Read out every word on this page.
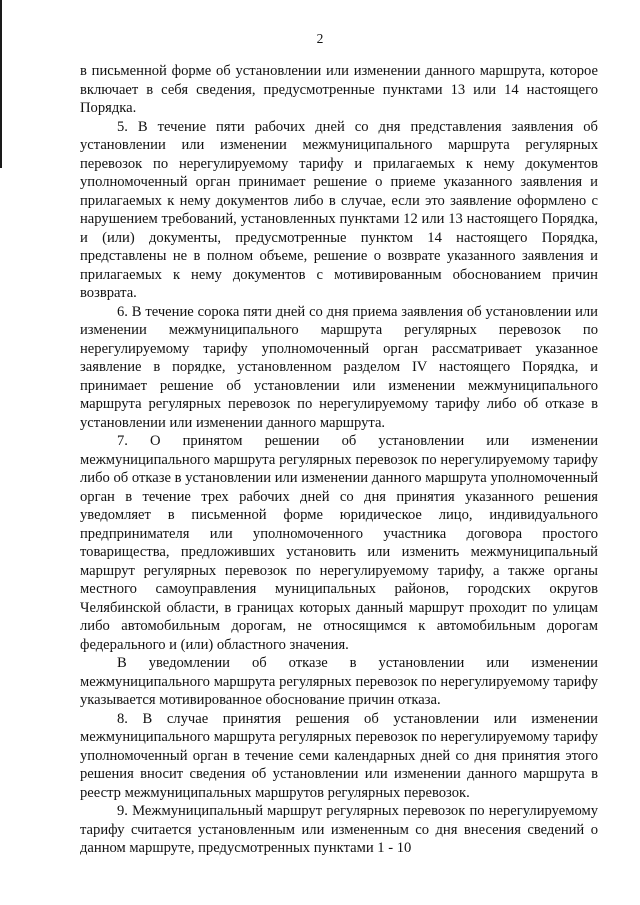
2

в письменной форме об установлении или изменении данного маршрута, которое включает в себя сведения, предусмотренные пунктами 13 или 14 настоящего Порядка.

5. В течение пяти рабочих дней со дня представления заявления об установлении или изменении межмуниципального маршрута регулярных перевозок по нерегулируемому тарифу и прилагаемых к нему документов уполномоченный орган принимает решение о приеме указанного заявления и прилагаемых к нему документов либо в случае, если это заявление оформлено с нарушением требований, установленных пунктами 12 или 13 настоящего Порядка, и (или) документы, предусмотренные пунктом 14 настоящего Порядка, представлены не в полном объеме, решение о возврате указанного заявления и прилагаемых к нему документов с мотивированным обоснованием причин возврата.

6. В течение сорока пяти дней со дня приема заявления об установлении или изменении межмуниципального маршрута регулярных перевозок по нерегулируемому тарифу уполномоченный орган рассматривает указанное заявление в порядке, установленном разделом IV настоящего Порядка, и принимает решение об установлении или изменении межмуниципального маршрута регулярных перевозок по нерегулируемому тарифу либо об отказе в установлении или изменении данного маршрута.

7. О принятом решении об установлении или изменении межмуниципального маршрута регулярных перевозок по нерегулируемому тарифу либо об отказе в установлении или изменении данного маршрута уполномоченный орган в течение трех рабочих дней со дня принятия указанного решения уведомляет в письменной форме юридическое лицо, индивидуального предпринимателя или уполномоченного участника договора простого товарищества, предложивших установить или изменить межмуниципальный маршрут регулярных перевозок по нерегулируемому тарифу, а также органы местного самоуправления муниципальных районов, городских округов Челябинской области, в границах которых данный маршрут проходит по улицам либо автомобильным дорогам, не относящимся к автомобильным дорогам федерального и (или) областного значения.

В уведомлении об отказе в установлении или изменении межмуниципального маршрута регулярных перевозок по нерегулируемому тарифу указывается мотивированное обоснование причин отказа.

8. В случае принятия решения об установлении или изменении межмуниципального маршрута регулярных перевозок по нерегулируемому тарифу уполномоченный орган в течение семи календарных дней со дня принятия этого решения вносит сведения об установлении или изменении данного маршрута в реестр межмуниципальных маршрутов регулярных перевозок.

9. Межмуниципальный маршрут регулярных перевозок по нерегулируемому тарифу считается установленным или измененным со дня внесения сведений о данном маршруте, предусмотренных пунктами 1 - 10
